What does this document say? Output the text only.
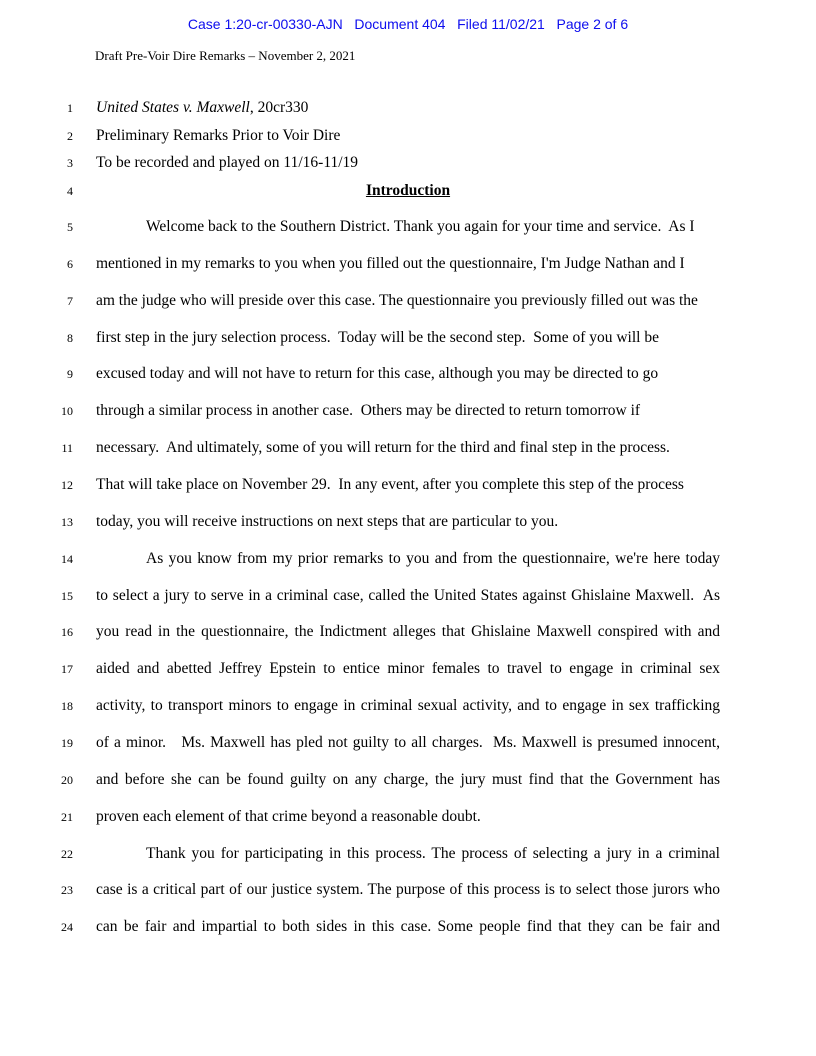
Case 1:20-cr-00330-AJN   Document 404   Filed 11/02/21   Page 2 of 6
Draft Pre-Voir Dire Remarks – November 2, 2021
1 United States v. Maxwell, 20cr330
2 Preliminary Remarks Prior to Voir Dire
3 To be recorded and played on 11/16-11/19
4	Introduction
5	Welcome back to the Southern District. Thank you again for your time and service.  As I
6 mentioned in my remarks to you when you filled out the questionnaire, I'm Judge Nathan and I
7 am the judge who will preside over this case. The questionnaire you previously filled out was the
8 first step in the jury selection process.  Today will be the second step.  Some of you will be
9 excused today and will not have to return for this case, although you may be directed to go
10 through a similar process in another case.  Others may be directed to return tomorrow if
11 necessary.  And ultimately, some of you will return for the third and final step in the process.
12 That will take place on November 29.  In any event, after you complete this step of the process
13 today, you will receive instructions on next steps that are particular to you.
14	As you know from my prior remarks to you and from the questionnaire, we're here today
15 to select a jury to serve in a criminal case, called the United States against Ghislaine Maxwell.  As
16 you read in the questionnaire, the Indictment alleges that Ghislaine Maxwell conspired with and
17 aided and abetted Jeffrey Epstein to entice minor females to travel to engage in criminal sex
18 activity, to transport minors to engage in criminal sexual activity, and to engage in sex trafficking
19 of a minor.   Ms. Maxwell has pled not guilty to all charges.  Ms. Maxwell is presumed innocent,
20 and before she can be found guilty on any charge, the jury must find that the Government has
21 proven each element of that crime beyond a reasonable doubt.
22	Thank you for participating in this process. The process of selecting a jury in a criminal
23 case is a critical part of our justice system. The purpose of this process is to select those jurors who
24 can be fair and impartial to both sides in this case. Some people find that they can be fair and
